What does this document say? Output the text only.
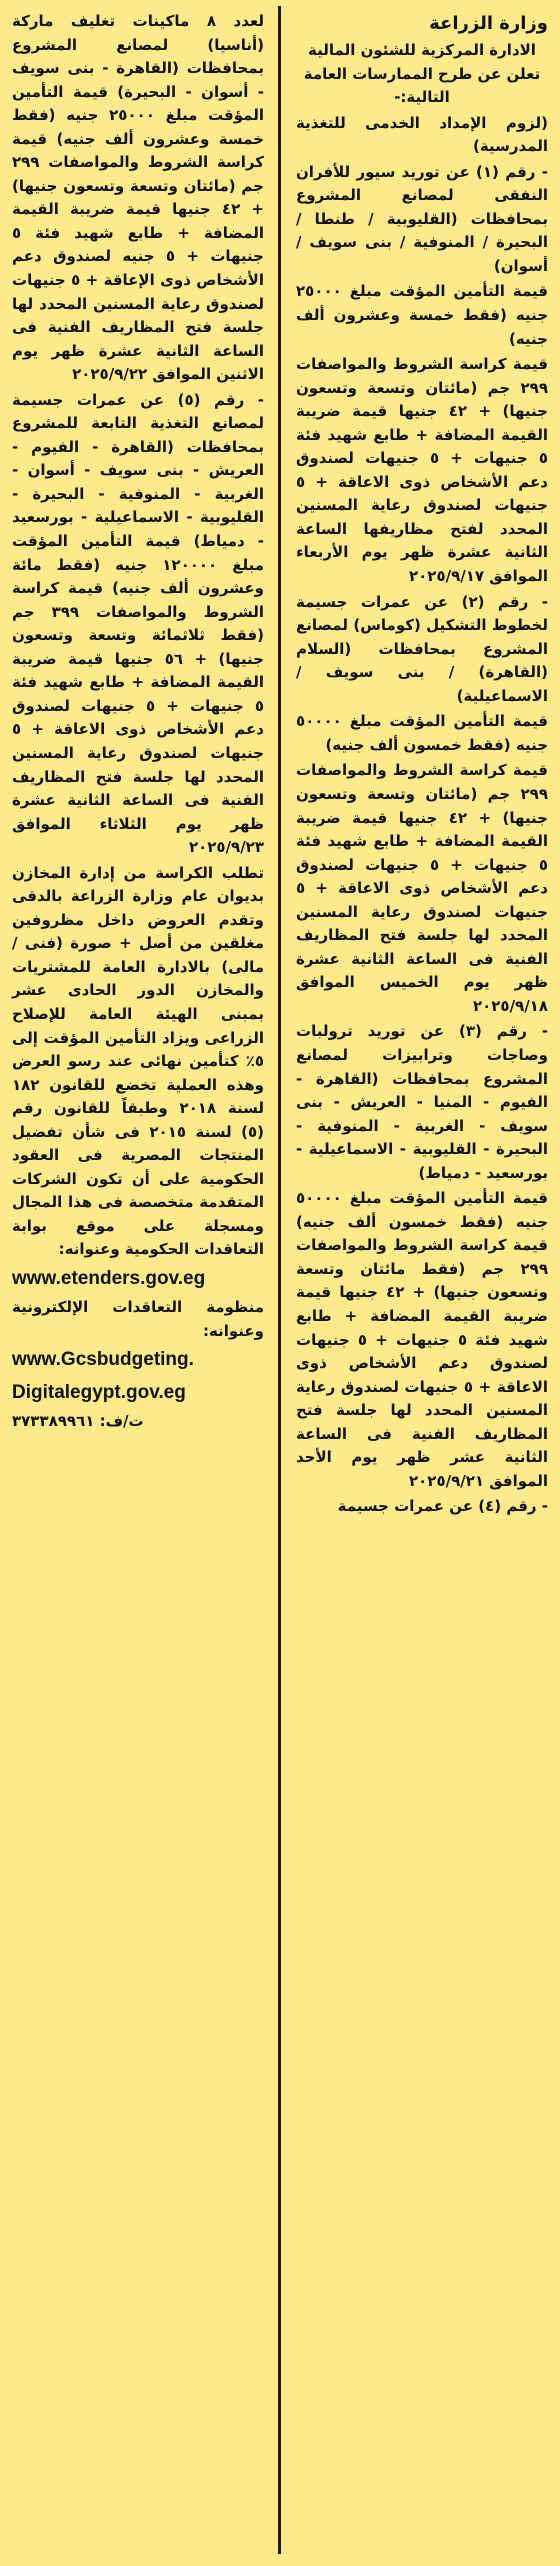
وزارة الزراعة
الادارة المركزية للشئون المالية تعلن عن طرح الممارسات العامة التالية:-
(لزوم الإمداد الخدمى للتغذية المدرسية)
- رقم (١) عن توريد سيور للأفران النفقى لمصانع المشروع بمحافظات (القليوبية / طنطا / البحيرة / المنوفية / بنى سويف / أسوان)
قيمة التأمين المؤقت مبلغ ٢٥٠٠٠ جنيه (فقط خمسة وعشرون ألف جنيه)
قيمة كراسة الشروط والمواصفات ٢٩٩ جم (مائتان وتسعة وتسعون جنيها) + ٤٢ جنيها قيمة ضريبة القيمة المضافة + طابع شهيد فئة ٥ جنيهات + ٥ جنيهات لصندوق دعم الأشخاص ذوى الاعاقة + ٥ جنيهات لصندوق رعاية المسنين المحدد لفتح مظاريفها الساعة الثانية عشرة ظهر يوم الأربعاء الموافق ٢٠٢٥/٩/١٧
- رقم (٢) عن عمرات جسيمة لخطوط التشكيل (كوماس) لمصانع المشروع بمحافظات (السلام (القاهرة) / بنى سويف / الاسماعيلية)
قيمة التأمين المؤقت مبلغ ٥٠٠٠٠ جنيه (فقط خمسون ألف جنيه)
قيمة كراسة الشروط والمواصفات ٢٩٩ جم (مائتان وتسعة وتسعون جنيها) + ٤٢ جنيها قيمة ضريبة القيمة المضافة + طابع شهيد فئة ٥ جنيهات + ٥ جنيهات لصندوق دعم الأشخاص ذوى الاعاقة + ٥ جنيهات لصندوق رعاية المسنين المحدد لها جلسة فتح المظاريف الفنية فى الساعة الثانية عشرة ظهر يوم الخميس الموافق ٢٠٢٥/٩/١٨
- رقم (٣) عن توريد ترولبات وصاجات وترابيزات لمصانع المشروع بمحافظات (القاهرة - الفيوم - المنيا - العريش - بنى سويف - الغربية - المنوفية - البحيرة - القليوبية - الاسماعيلية - بورسعيد - دمياط)
قيمة التأمين المؤقت مبلغ ٥٠٠٠٠ جنيه (فقط خمسون ألف جنيه) قيمة كراسة الشروط والمواصفات ٢٩٩ جم (فقط مائتان وتسعة وتسعون جنيها) + ٤٢ جنيها قيمة ضريبة القيمة المضافة + طابع شهيد فئة ٥ جنيهات + ٥ جنيهات لصندوق دعم الأشخاص ذوى الاعاقة + ٥ جنيهات لصندوق رعاية المسنين المحدد لها جلسة فتح المظاريف الفنية فى الساعة الثانية عشر ظهر يوم الأحد الموافق ٢٠٢٥/٩/٢١
- رقم (٤) عن عمرات جسيمة
لعدد ٨ ماكينات تغليف ماركة (أناسيا) لمصانع المشروع بمحافظات (القاهرة - بنى سويف - أسوان - البحيرة) قيمة التأمين المؤقت مبلغ ٢٥٠٠٠ جنيه (فقط خمسة وعشرون ألف جنيه) قيمة كراسة الشروط والمواصفات ٢٩٩ جم (مائتان وتسعة وتسعون جنيها) + ٤٢ جنيها قيمة ضريبة القيمة المضافة + طابع شهيد فئة ٥ جنيهات + ٥ جنيه لصندوق دعم الأشخاص ذوى الإعاقة + ٥ جنيهات لصندوق رعاية المسنين المحدد لها جلسة فتح المظاريف الفنية فى الساعة الثانية عشرة ظهر يوم الاثنين الموافق ٢٠٢٥/٩/٢٢
- رقم (٥) عن عمرات جسيمة لمصانع التغذية التابعة للمشروع بمحافظات (القاهرة - الفيوم - العريش - بنى سويف - أسوان - الغربية - المنوفية - البحيرة - القليوبية - الاسماعيلية - بورسعيد - دمياط) قيمة التأمين المؤقت مبلغ ١٢٠٠٠٠ جنيه (فقط مائة وعشرون ألف جنيه) قيمة كراسة الشروط والمواصفات ٣٩٩ جم (فقط ثلاثمائة وتسعة وتسعون جنيها) + ٥٦ جنيها قيمة ضريبة القيمة المضافة + طابع شهيد فئة ٥ جنيهات + ٥ جنيهات لصندوق دعم الأشخاص ذوى الاعاقة + ٥ جنيهات لصندوق رعاية المسنين المحدد لها جلسة فتح المظاريف الفنية فى الساعة الثانية عشرة ظهر يوم الثلاثاء الموافق ٢٠٢٥/٩/٢٣
تطلب الكراسة من إدارة المخازن بديوان عام وزارة الزراعة بالدقى وتقدم العروض داخل مظروفين مغلقين من أصل + صورة (فنى / مالى) بالادارة العامة للمشتريات والمخازن الدور الحادى عشر بمبنى الهيئة العامة للإصلاح الزراعى ويزاد التأمين المؤقت إلى ٥٪ كتأمين نهائى عند رسو العرض وهذه العملية تخضع للقانون ١٨٢ لسنة ٢٠١٨ وطبقاً للقانون رقم (٥) لسنة ٢٠١٥ فى شأن تفضيل المنتجات المصرية فى العقود الحكومية على أن تكون الشركات المتقدمة متخصصة فى هذا المجال ومسجلة على موقع بوابة التعاقدات الحكومية وعنوانه:
www.etenders.gov.eg
منظومة التعاقدات الإلكترونية وعنوانه:
www.Gcsbudgeting.
Digitalegypt.gov.eg
ت/ف: ٣٧٣٣٨٩٩٦١
